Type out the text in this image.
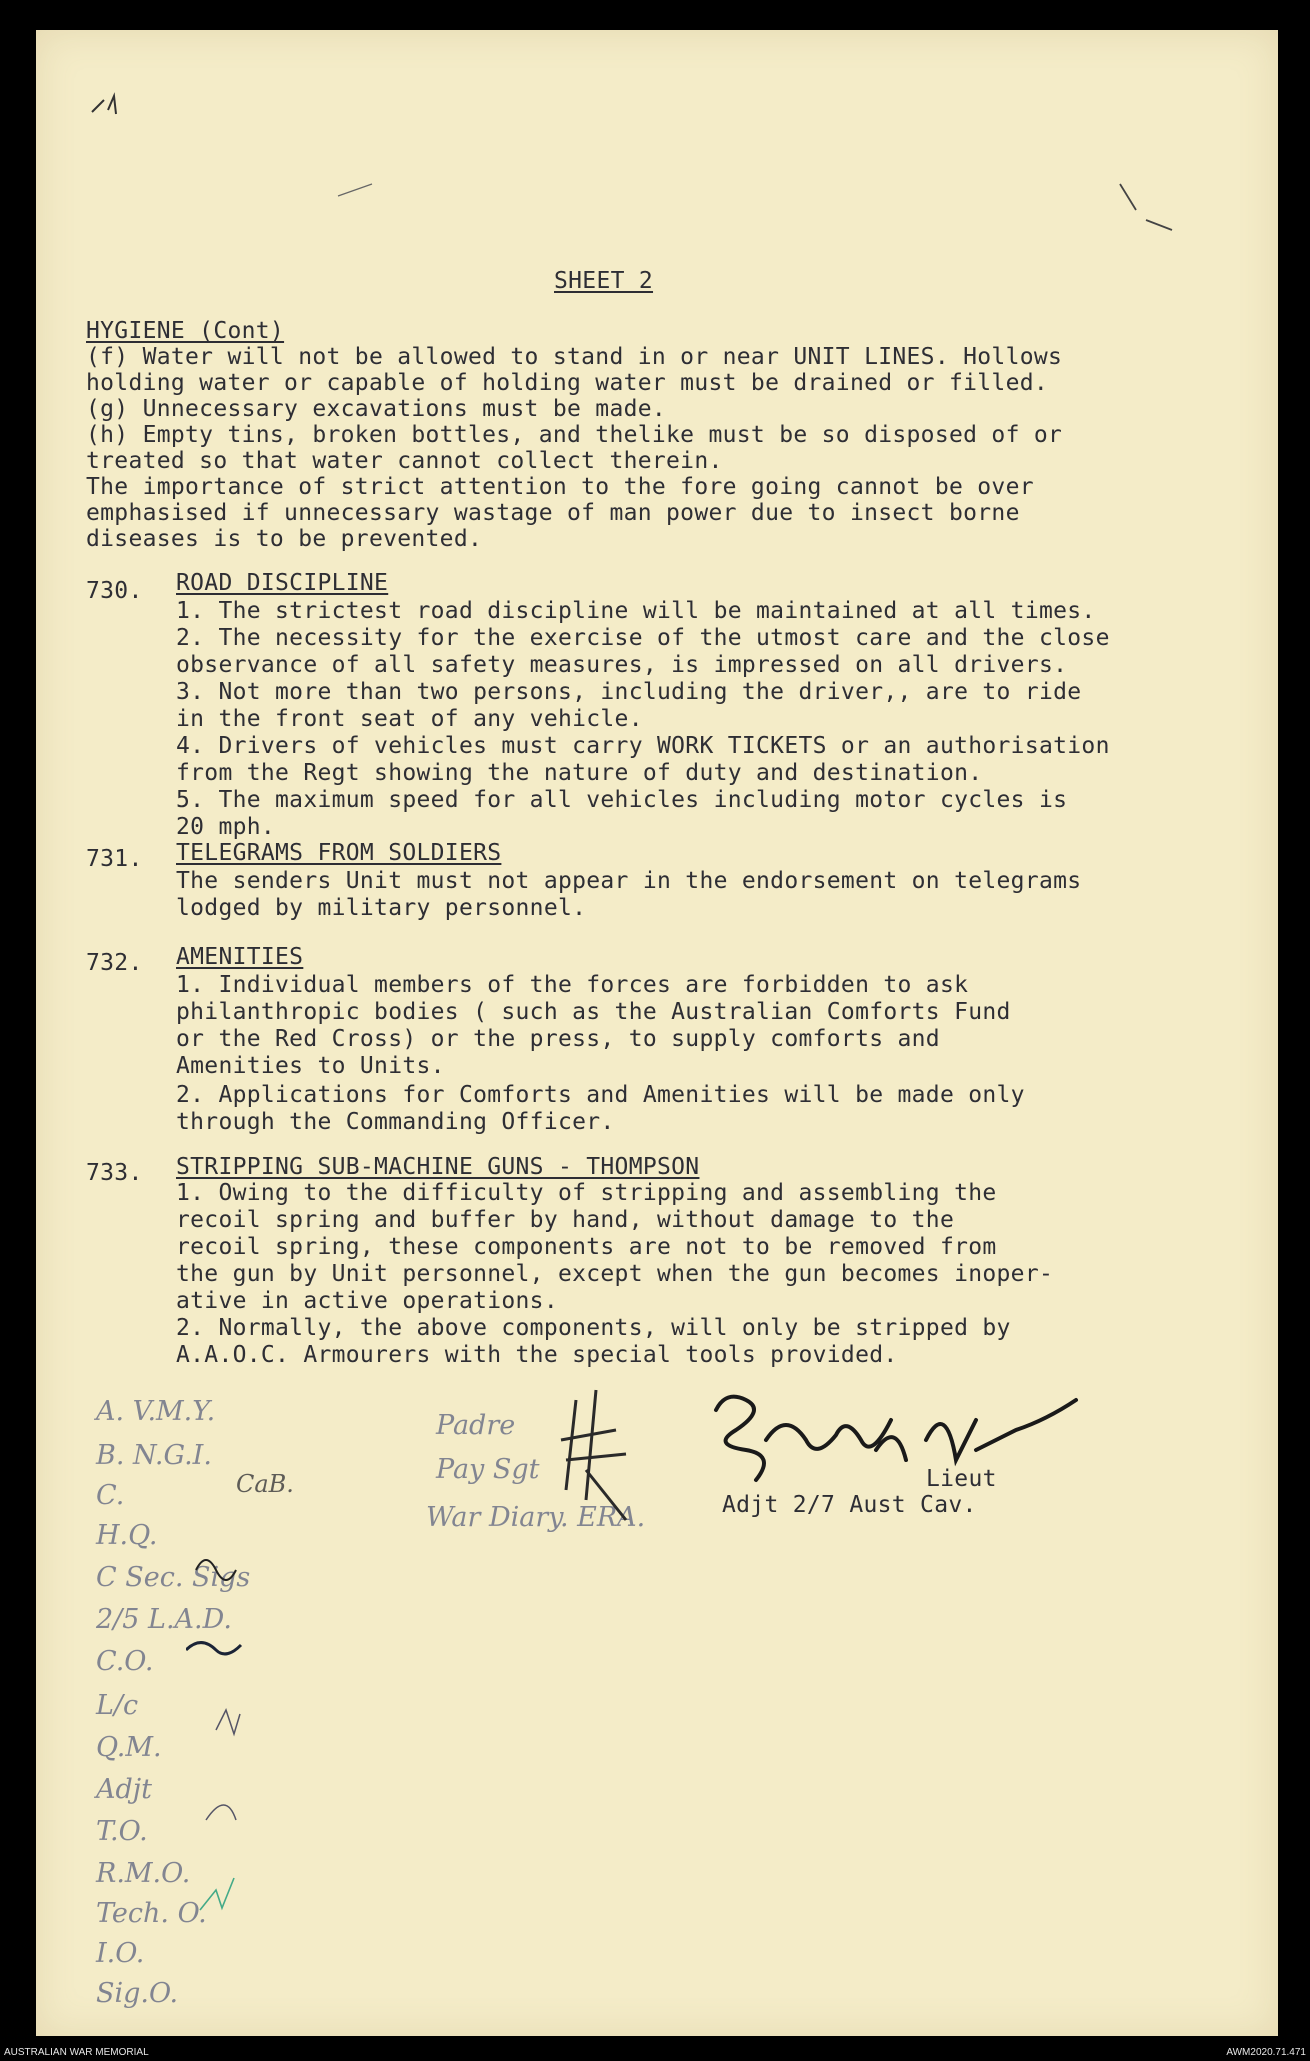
SHEET 2
HYGIENE (Cont)
(f) Water will not be allowed to stand in or near UNIT LINES. Hollows
holding water or capable of holding water must be drained or filled.
(g) Unnecessary excavations must be made.
(h) Empty tins, broken bottles, and thelike must be so disposed of or
treated so that water cannot collect therein.
The importance of strict attention to the fore going cannot be over
emphasised if unnecessary wastage of man power due to insect borne
diseases is to be prevented.
730. ROAD DISCIPLINE
1. The strictest road discipline will be maintained at all times.
2. The necessity for the exercise of the utmost care and the close
observance of all safety measures, is impressed on all drivers.
3. Not more than two persons, including the driver,, are to ride
in the front seat of any vehicle.
4. Drivers of vehicles must carry WORK TICKETS or an authorisation
from the Regt showing the nature of duty and destination.
5. The maximum speed for all vehicles including motor cycles is
20 mph.
731. TELEGRAMS FROM SOLDIERS
The senders Unit must not appear in the endorsement on telegrams
lodged by military personnel.
732. AMENITIES
1. Individual members of the forces are forbidden to ask
philanthropic bodies ( such as the Australian Comforts Fund
or the Red Cross) or the press, to supply comforts and
Amenities to Units.
2. Applications for Comforts and Amenities will be made only
through the Commanding Officer.
733. STRIPPING SUB-MACHINE GUNS - THOMPSON
1. Owing to the difficulty of stripping and assembling the
recoil spring and buffer by hand, without damage to the
recoil spring, these components are not to be removed from
the gun by Unit personnel, except when the gun becomes inoper-
ative in active operations.
2. Normally, the above components, will only be stripped by
A.A.O.C. Armourers with the special tools provided.
A. V.M.Y.
B. N.G.I.
C.
H.Q.
C Sec. Sigs
2/5 L.A.D.
C.O.
L/c
Q.M.
Adjt
T.O.
R.M.O.
Tech. O.
I.O.
Sig.O.
CaB.
Padre
Pay Sgt
War Diary. ERA.
Lieut
Adjt 2/7 Aust Cav.
AUSTRALIAN WAR MEMORIAL	AWM2020.71.471
